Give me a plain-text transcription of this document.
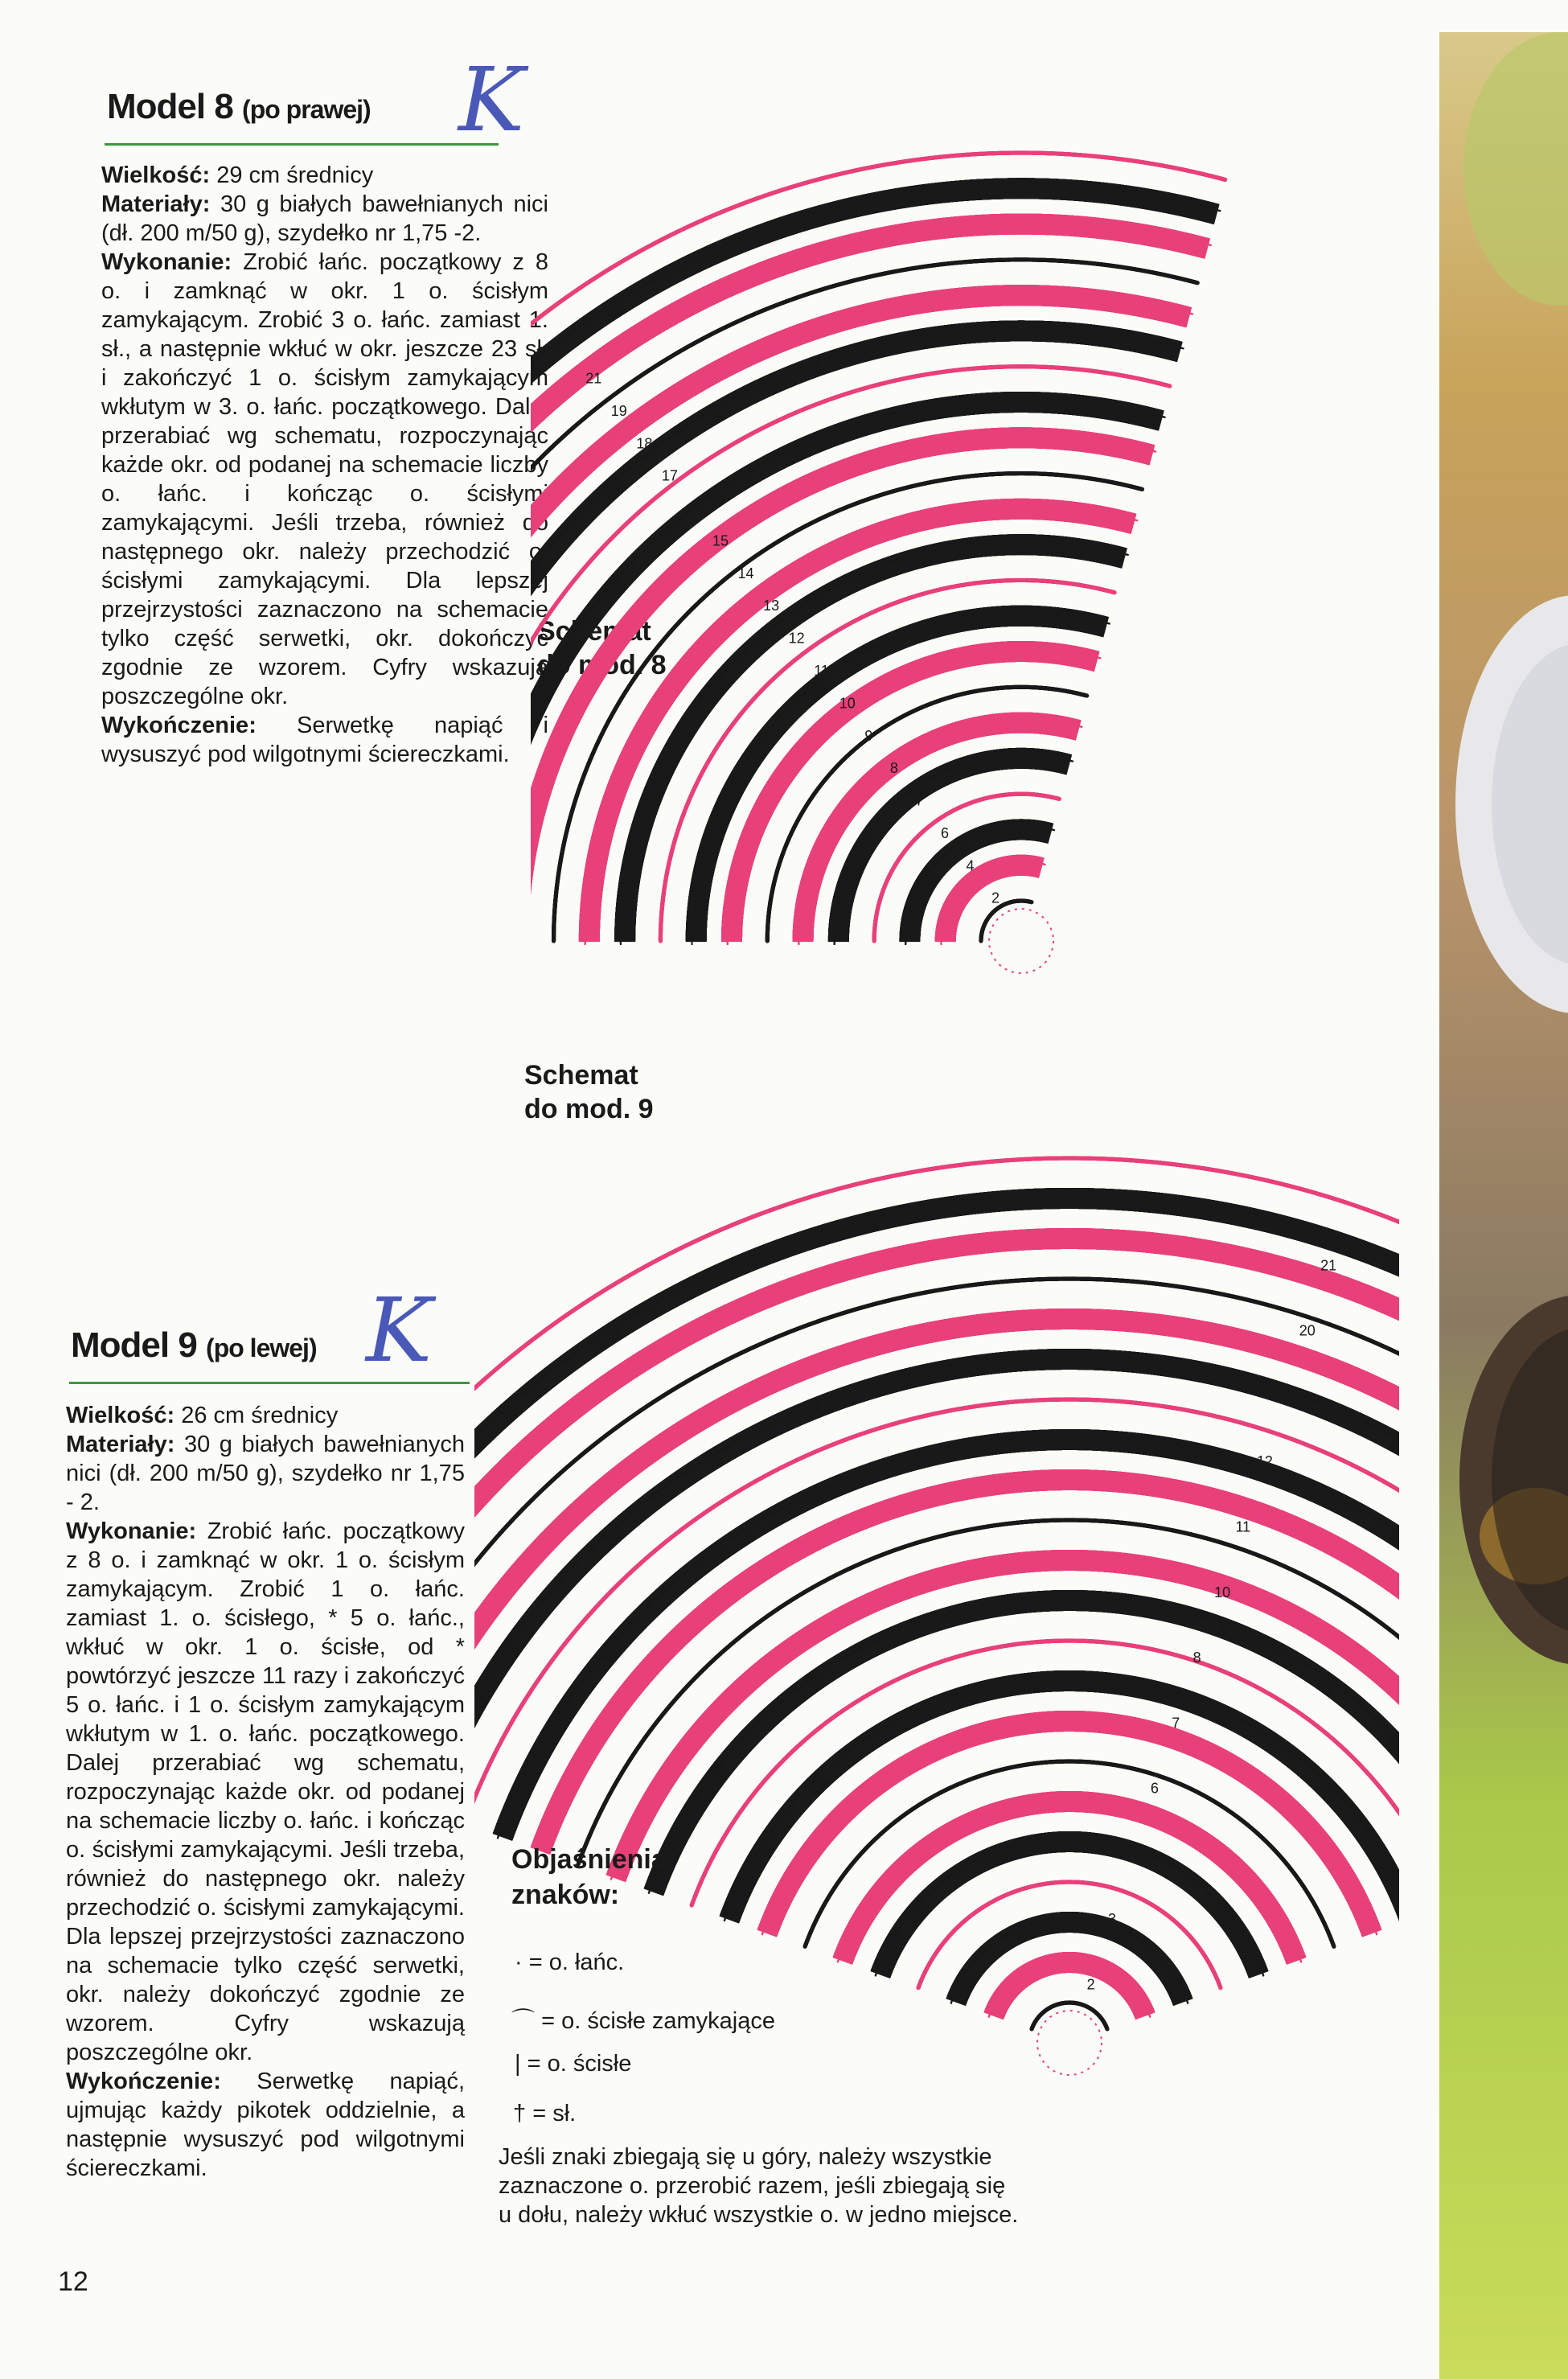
Model 8 (po prawej) K

Wielkość: 29 cm średnicy

Materiały: 30 g białych bawełnianych nici (dł. 200 m/50 g), szydełko nr 1,75 -2.

Wykonanie: Zrobić łańc. początkowy z 8 o. i zamknąć w okr. 1 o. ścisłym zamykającym. Zrobić 3 o. łańc. zamiast 1. sł., a następnie wkłuć w okr. jeszcze 23 sł. i zakończyć 1 o. ścisłym zamykającym wkłutym w 3. o. łańc. początkowego. Dalej przerabiać wg schematu, rozpoczynając każde okr. od podanej na schemacie liczby o. łańc. i kończąc o. ścisłymi zamykającymi. Jeśli trzeba, również do następnego okr. należy przechodzić o. ścisłymi zamykającymi. Dla lepszej przejrzystości zaznaczono na schemacie tylko część serwetki, okr. dokończyć zgodnie ze wzorem. Cyfry wskazują poszczególne okr.

Wykończenie: Serwetkę napiąć i wysuszyć pod wilgotnymi ściereczkami.

Schemat
8
2
4
6
7
8
9
10
11
12
13
14
15
16
17
18
19
21
Schemat
do mod. 9
2
3
5
6
7
8
10
11
12
13
20
21
Model 9 (po lewej) K

Wielkość: 26 cm średnicy

Materiały: 30 g białych bawełnianych nici (dł. 200 m/50 g), szydełko nr 1,75 - 2.

Wykonanie: Zrobić łańc. początkowy z 8 o. i zamknąć w okr. 1 o. ścisłym zamykającym. Zrobić 1 o. łańc. zamiast 1. o. ścisłego, * 5 o. łańc., wkłuć w okr. 1 o. ścisłe, od * powtórzyć jeszcze 11 razy i zakończyć 5 o. łańc. i 1 o. ścisłym zamykającym wkłutym w 1. o. łańc. początkowego. Dalej przerabiać wg schematu, rozpoczynając każde okr. od podanej na schemacie liczby o. łańc. i kończąc o. ścisłymi zamykającymi. Jeśli trzeba, również do następnego okr. należy przechodzić o. ścisłymi zamykającymi. Dla lepszej przejrzystości zaznaczono na schemacie tylko część serwetki, okr. należy dokończyć zgodnie ze wzorem. Cyfry wskazują poszczególne okr.

Wykończenie: Serwetkę napiąć, ujmując każdy pikotek oddzielnie, a następnie wysuszyć pod wilgotnymi ściereczkami.

Objaśnienia
znaków:
· = o. łańc.
⌒ = o. ścisłe zamykające
| = o. ścisłe
† = sł.
Jeśli znaki zbiegają się u góry, należy wszystkie zaznaczone o. przerobić razem, jeśli zbiegają się u dołu, należy wkłuć wszystkie o. w jedno miejsce.
12
